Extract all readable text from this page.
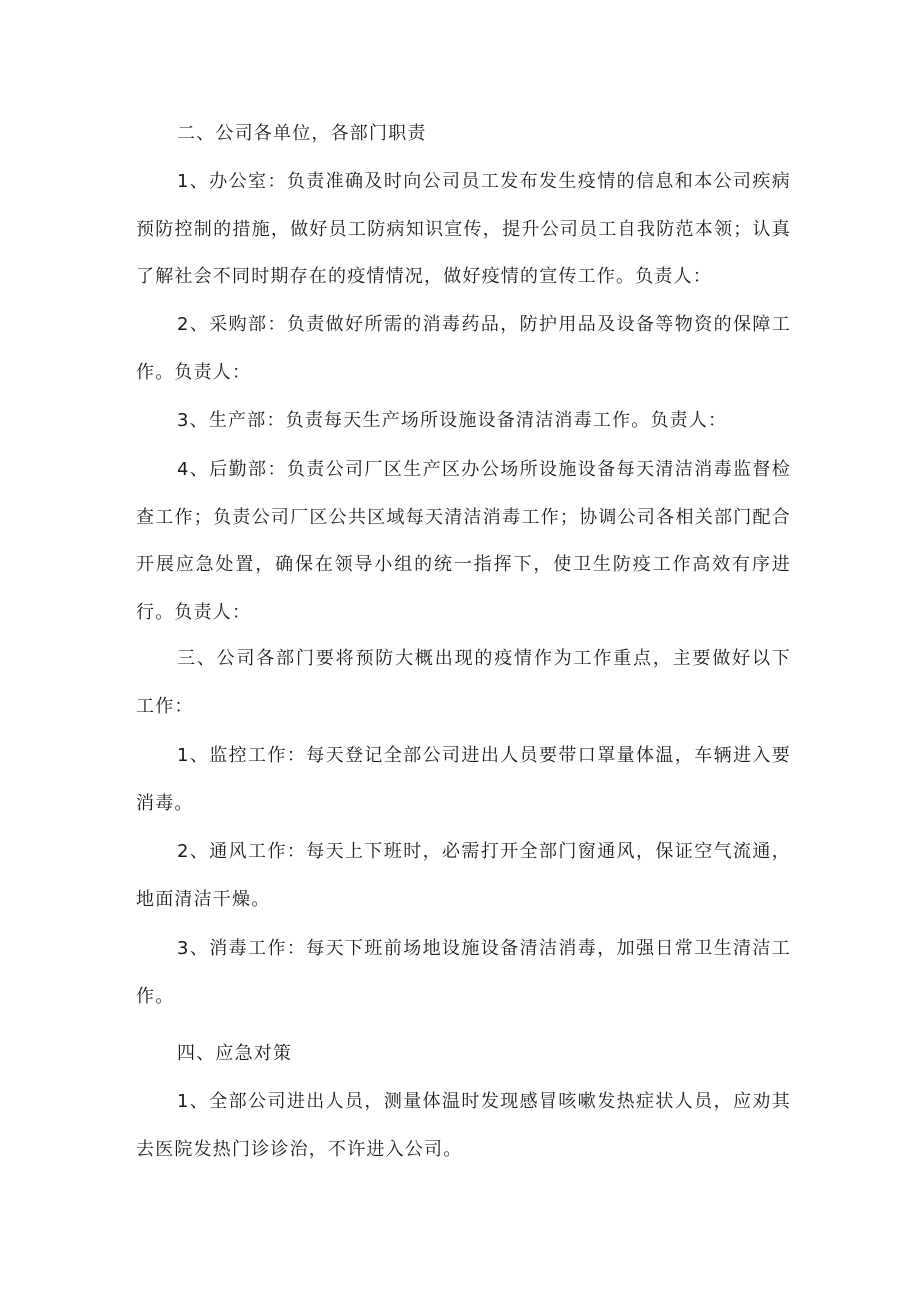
二、公司各单位，各部门职责

1、办公室：负责准确及时向公司员工发布发生疫情的信息和本公司疾病预防控制的措施，做好员工防病知识宣传，提升公司员工自我防范本领；认真了解社会不同时期存在的疫情情况，做好疫情的宣传工作。负责人：

2、采购部：负责做好所需的消毒药品，防护用品及设备等物资的保障工作。负责人：

3、生产部：负责每天生产场所设施设备清洁消毒工作。负责人：

4、后勤部：负责公司厂区生产区办公场所设施设备每天清洁消毒监督检查工作；负责公司厂区公共区域每天清洁消毒工作；协调公司各相关部门配合开展应急处置，确保在领导小组的统一指挥下，使卫生防疫工作高效有序进行。负责人：

三、公司各部门要将预防大概出现的疫情作为工作重点，主要做好以下工作：

1、监控工作：每天登记全部公司进出人员要带口罩量体温，车辆进入要消毒。

2、通风工作：每天上下班时，必需打开全部门窗通风，保证空气流通，地面清洁干燥。

3、消毒工作：每天下班前场地设施设备清洁消毒，加强日常卫生清洁工作。

四、应急对策

1、全部公司进出人员，测量体温时发现感冒咳嗽发热症状人员，应劝其去医院发热门诊诊治，不许进入公司。
